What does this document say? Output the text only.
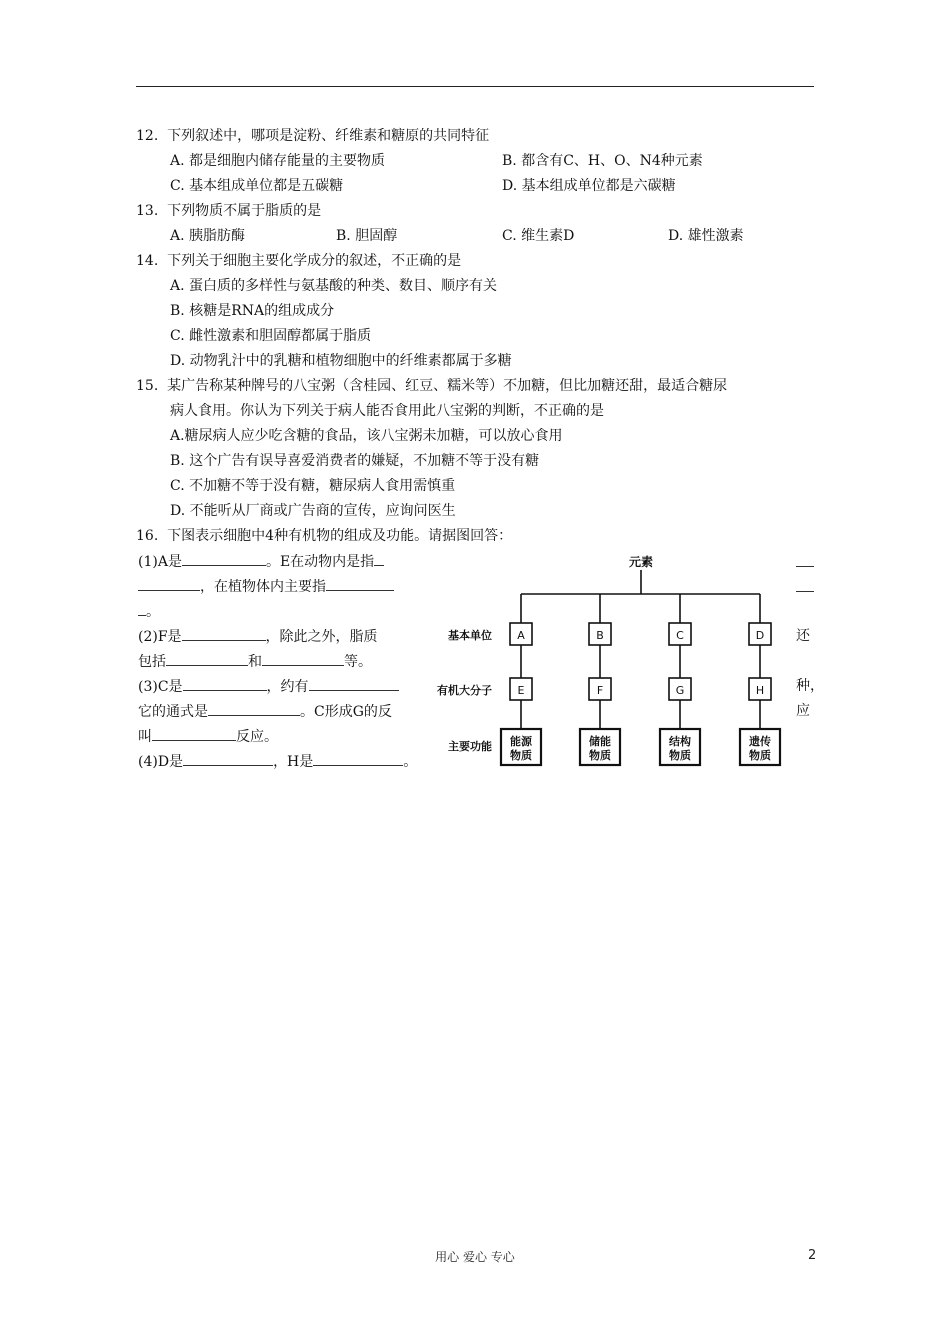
12.  下列叙述中，哪项是淀粉、纤维素和糖原的共同特征
A. 都是细胞内储存能量的主要物质	B. 都含有C、H、O、N4种元素
C. 基本组成单位都是五碳糖	D. 基本组成单位都是六碳糖
13.  下列物质不属于脂质的是
A. 胰脂肪酶	B. 胆固醇	C. 维生素D	D. 雄性激素
14.  下列关于细胞主要化学成分的叙述，不正确的是
A. 蛋白质的多样性与氨基酸的种类、数目、顺序有关
B. 核糖是RNA的组成成分
C. 雌性激素和胆固醇都属于脂质
D. 动物乳汁中的乳糖和植物细胞中的纤维素都属于多糖
15.  某广告称某种牌号的八宝粥（含桂园、红豆、糯米等）不加糖，但比加糖还甜，最适合糖尿
病人食用。你认为下列关于病人能否食用此八宝粥的判断，不正确的是
A.糖尿病人应少吃含糖的食品，该八宝粥未加糖，可以放心食用
B. 这个广告有误导喜爱消费者的嫌疑，不加糖不等于没有糖
C. 不加糖不等于没有糖，糖尿病人食用需慎重
D. 不能听从厂商或广告商的宣传，应询问医生
16.  下图表示细胞中4种有机物的组成及功能。请据图回答：
(1)A是	。E在动物内是指
，在植物体内主要指
。
(2)F是	，除此之外，脂质	还
包括	和	等。
(3)C是	，约有	种，
它的通式是	。C形成G的反	应
叫	反应。
(4)D是	，H是	。
元素
基本单位
有机大分子
主要功能
A	B	C	D
E	F	G	H
能源
物质
储能
物质
结构
物质
遗传
物质
用心 爱心 专心	2
